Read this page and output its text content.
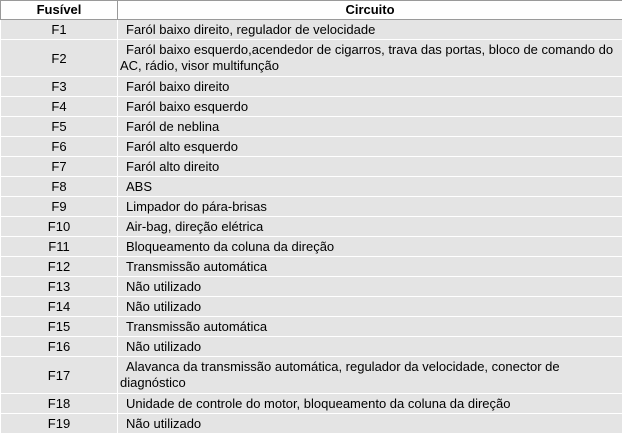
Fusível	Circuito
F1	Faról baixo direito, regulador de velocidade
F2	Faról baixo esquerdo,acendedor de cigarros, trava das portas, bloco de comando do AC, rádio, visor multifunção
F3	Faról baixo direito
F4	Faról baixo esquerdo
F5	Faról de neblina
F6	Faról alto esquerdo
F7	Faról alto direito
F8	ABS
F9	Limpador do pára-brisas
F10	Air-bag, direção elétrica
F11	Bloqueamento da coluna da direção
F12	Transmissão automática
F13	Não utilizado
F14	Não utilizado
F15	Transmissão automática
F16	Não utilizado
F17	Alavanca da transmissão automática, regulador da velocidade, conector de diagnóstico
F18	Unidade de controle do motor, bloqueamento da coluna da direção
F19	Não utilizado
